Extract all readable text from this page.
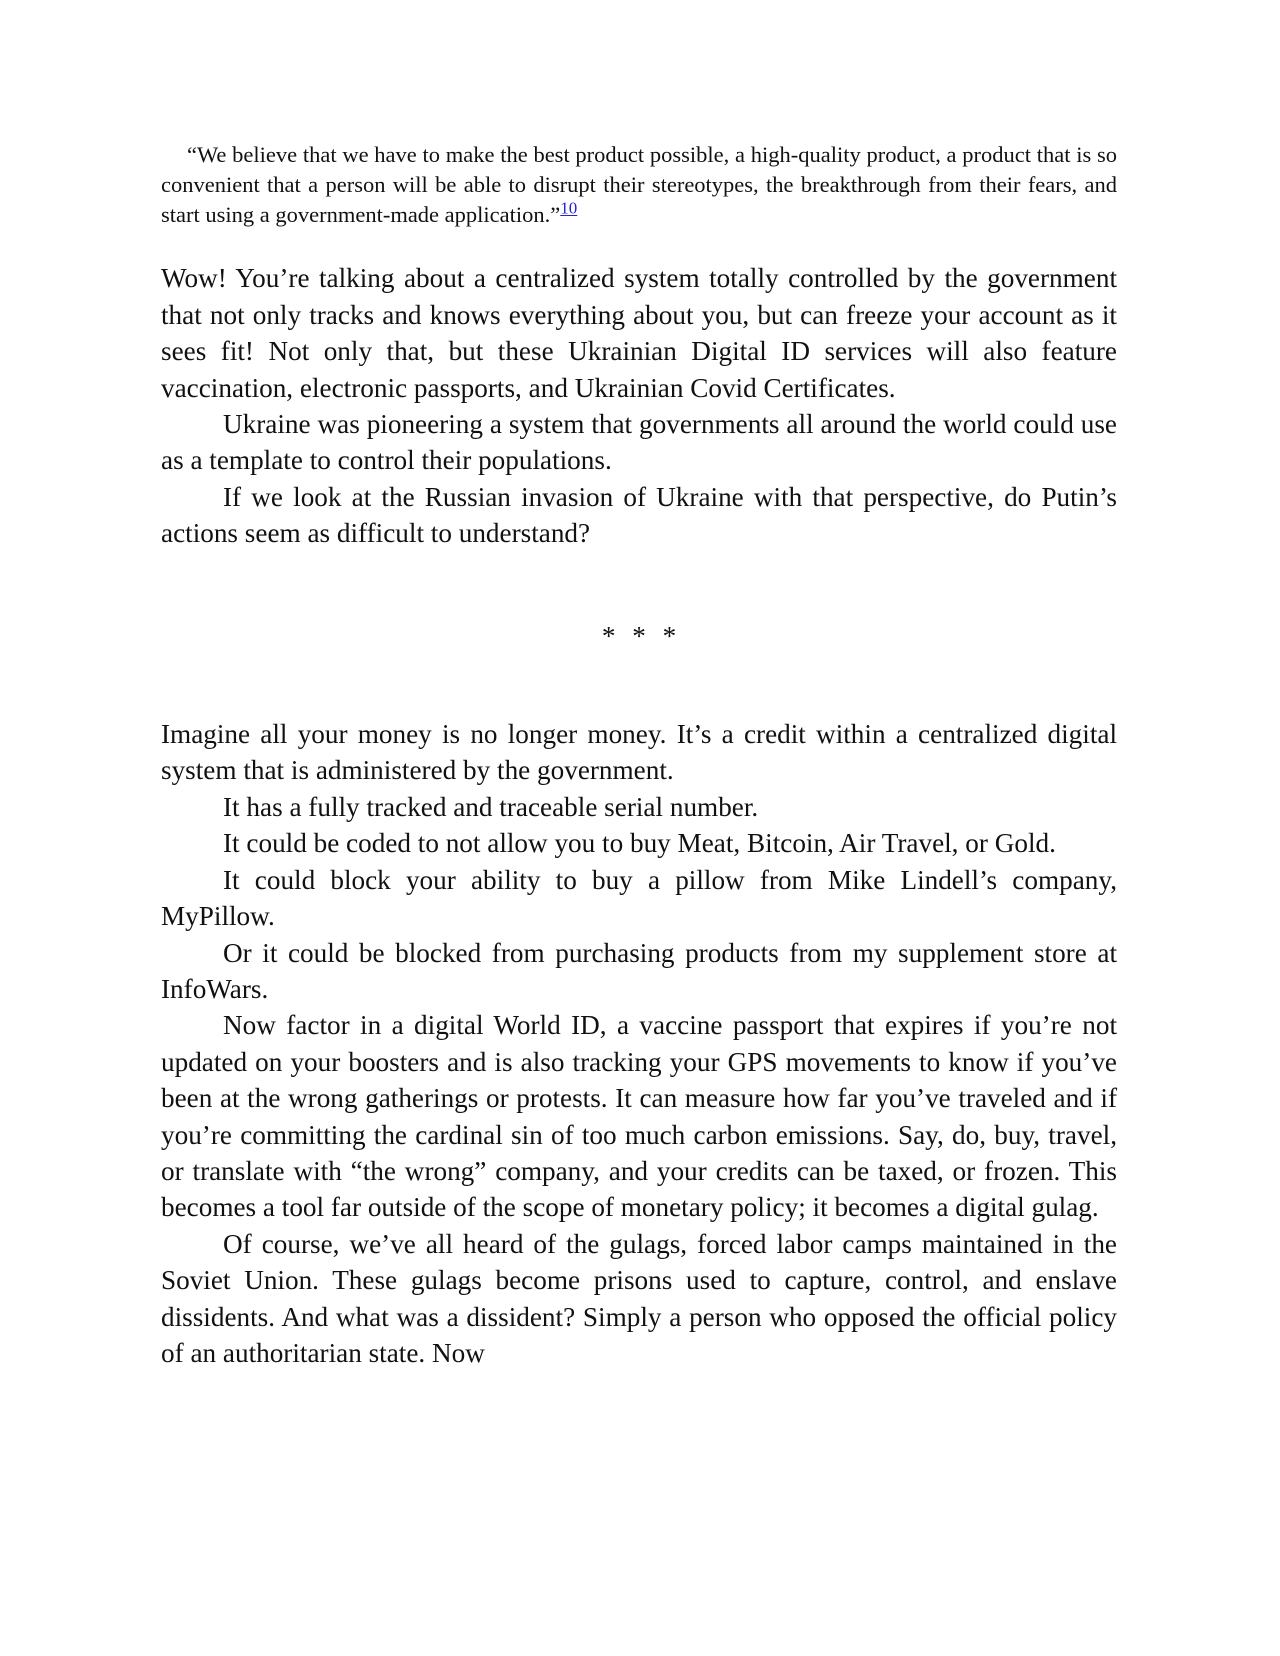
“We believe that we have to make the best product possible, a high-quality product, a product that is so convenient that a person will be able to disrupt their stereotypes, the breakthrough from their fears, and start using a government-made application.”$^{10}$

Wow! You’re talking about a centralized system totally controlled by the government that not only tracks and knows everything about you, but can freeze your account as it sees fit! Not only that, but these Ukrainian Digital ID services will also feature vaccination, electronic passports, and Ukrainian Covid Certificates.

Ukraine was pioneering a system that governments all around the world could use as a template to control their populations.

If we look at the Russian invasion of Ukraine with that perspective, do Putin’s actions seem as difficult to understand?

* * *

Imagine all your money is no longer money. It’s a credit within a centralized digital system that is administered by the government.

It has a fully tracked and traceable serial number.

It could be coded to not allow you to buy Meat, Bitcoin, Air Travel, or Gold.

It could block your ability to buy a pillow from Mike Lindell’s company, MyPillow.

Or it could be blocked from purchasing products from my supplement store at InfoWars.

Now factor in a digital World ID, a vaccine passport that expires if you’re not updated on your boosters and is also tracking your GPS movements to know if you’ve been at the wrong gatherings or protests. It can measure how far you’ve traveled and if you’re committing the cardinal sin of too much carbon emissions. Say, do, buy, travel, or translate with “the wrong” company, and your credits can be taxed, or frozen. This becomes a tool far outside of the scope of monetary policy; it becomes a digital gulag.

Of course, we’ve all heard of the gulags, forced labor camps maintained in the Soviet Union. These gulags become prisons used to capture, control, and enslave dissidents. And what was a dissident? Simply a person who opposed the official policy of an authoritarian state. Now
